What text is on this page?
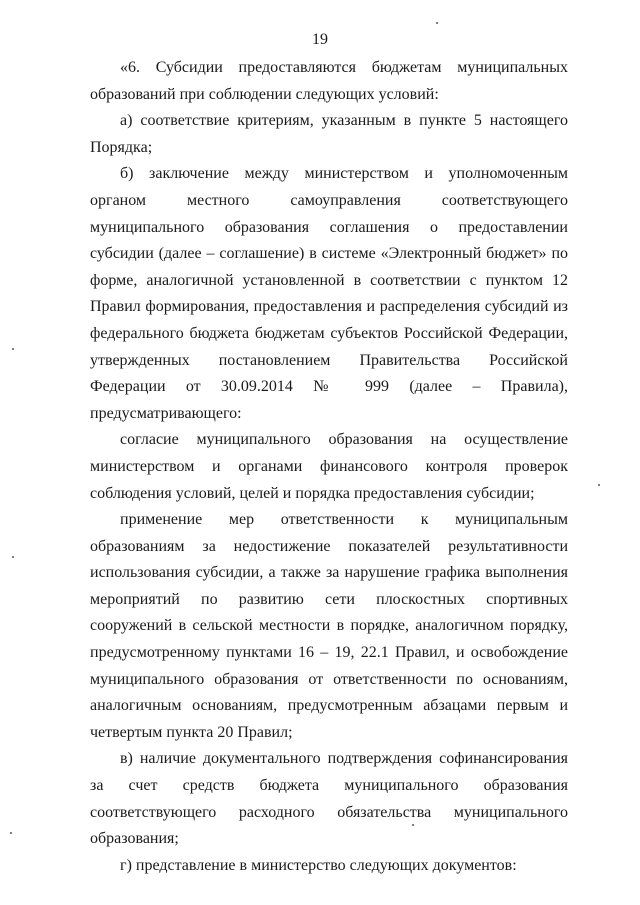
19

«6. Субсидии предоставляются бюджетам муниципальных образований при соблюдении следующих условий:

а) соответствие критериям, указанным в пункте 5 настоящего Порядка;

б) заключение между министерством и уполномоченным органом местного самоуправления соответствующего муниципального образования соглашения о предоставлении субсидии (далее – соглашение) в системе «Электронный бюджет» по форме, аналогичной установленной в соответствии с пунктом 12 Правил формирования, предоставления и распределения субсидий из федерального бюджета бюджетам субъектов Российской Федерации, утвержденных постановлением Правительства Российской Федерации от 30.09.2014 № 999 (далее – Правила), предусматривающего:

согласие муниципального образования на осуществление министерством и органами финансового контроля проверок соблюдения условий, целей и порядка предоставления субсидии;

применение мер ответственности к муниципальным образованиям за недостижение показателей результативности использования субсидии, а также за нарушение графика выполнения мероприятий по развитию сети плоскостных спортивных сооружений в сельской местности в порядке, аналогичном порядку, предусмотренному пунктами 16 – 19, 22.1 Правил, и освобождение муниципального образования от ответственности по основаниям, аналогичным основаниям, предусмотренным абзацами первым и четвертым пункта 20 Правил;

в) наличие документального подтверждения софинансирования за счет средств бюджета муниципального образования соответствующего расходного обязательства муниципального образования;

г) представление в министерство следующих документов:
